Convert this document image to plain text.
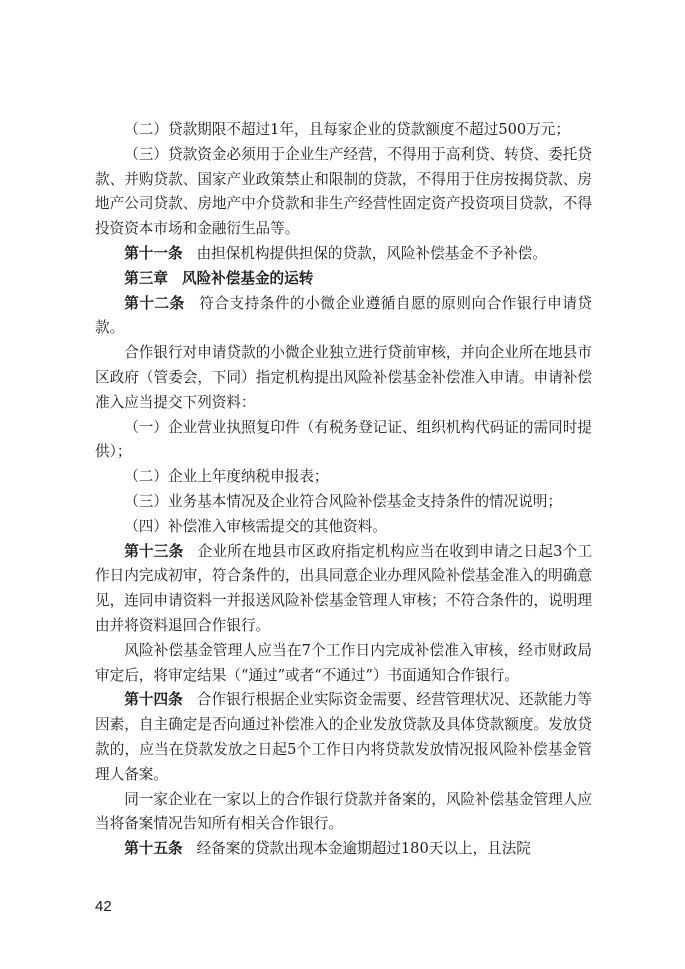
（二）贷款期限不超过1年，且每家企业的贷款额度不超过500万元；

（三）贷款资金必须用于企业生产经营，不得用于高利贷、转贷、委托贷款、并购贷款、国家产业政策禁止和限制的贷款，不得用于住房按揭贷款、房地产公司贷款、房地产中介贷款和非生产经营性固定资产投资项目贷款，不得投资资本市场和金融衍生品等。

第十一条 由担保机构提供担保的贷款，风险补偿基金不予补偿。

第三章 风险补偿基金的运转

第十二条 符合支持条件的小微企业遵循自愿的原则向合作银行申请贷款。

合作银行对申请贷款的小微企业独立进行贷前审核，并向企业所在地县市区政府（管委会，下同）指定机构提出风险补偿基金补偿准入申请。申请补偿准入应当提交下列资料：

（一）企业营业执照复印件（有税务登记证、组织机构代码证的需同时提供）；

（二）企业上年度纳税申报表；

（三）业务基本情况及企业符合风险补偿基金支持条件的情况说明；

（四）补偿准入审核需提交的其他资料。

第十三条 企业所在地县市区政府指定机构应当在收到申请之日起3个工作日内完成初审，符合条件的，出具同意企业办理风险补偿基金准入的明确意见，连同申请资料一并报送风险补偿基金管理人审核；不符合条件的，说明理由并将资料退回合作银行。

风险补偿基金管理人应当在7个工作日内完成补偿准入审核，经市财政局审定后，将审定结果（“通过”或者“不通过”）书面通知合作银行。

第十四条 合作银行根据企业实际资金需要、经营管理状况、还款能力等因素，自主确定是否向通过补偿准入的企业发放贷款及具体贷款额度。发放贷款的，应当在贷款发放之日起5个工作日内将贷款发放情况报风险补偿基金管理人备案。

同一家企业在一家以上的合作银行贷款并备案的，风险补偿基金管理人应当将备案情况告知所有相关合作银行。

第十五条 经备案的贷款出现本金逾期超过180天以上，且法院

42
